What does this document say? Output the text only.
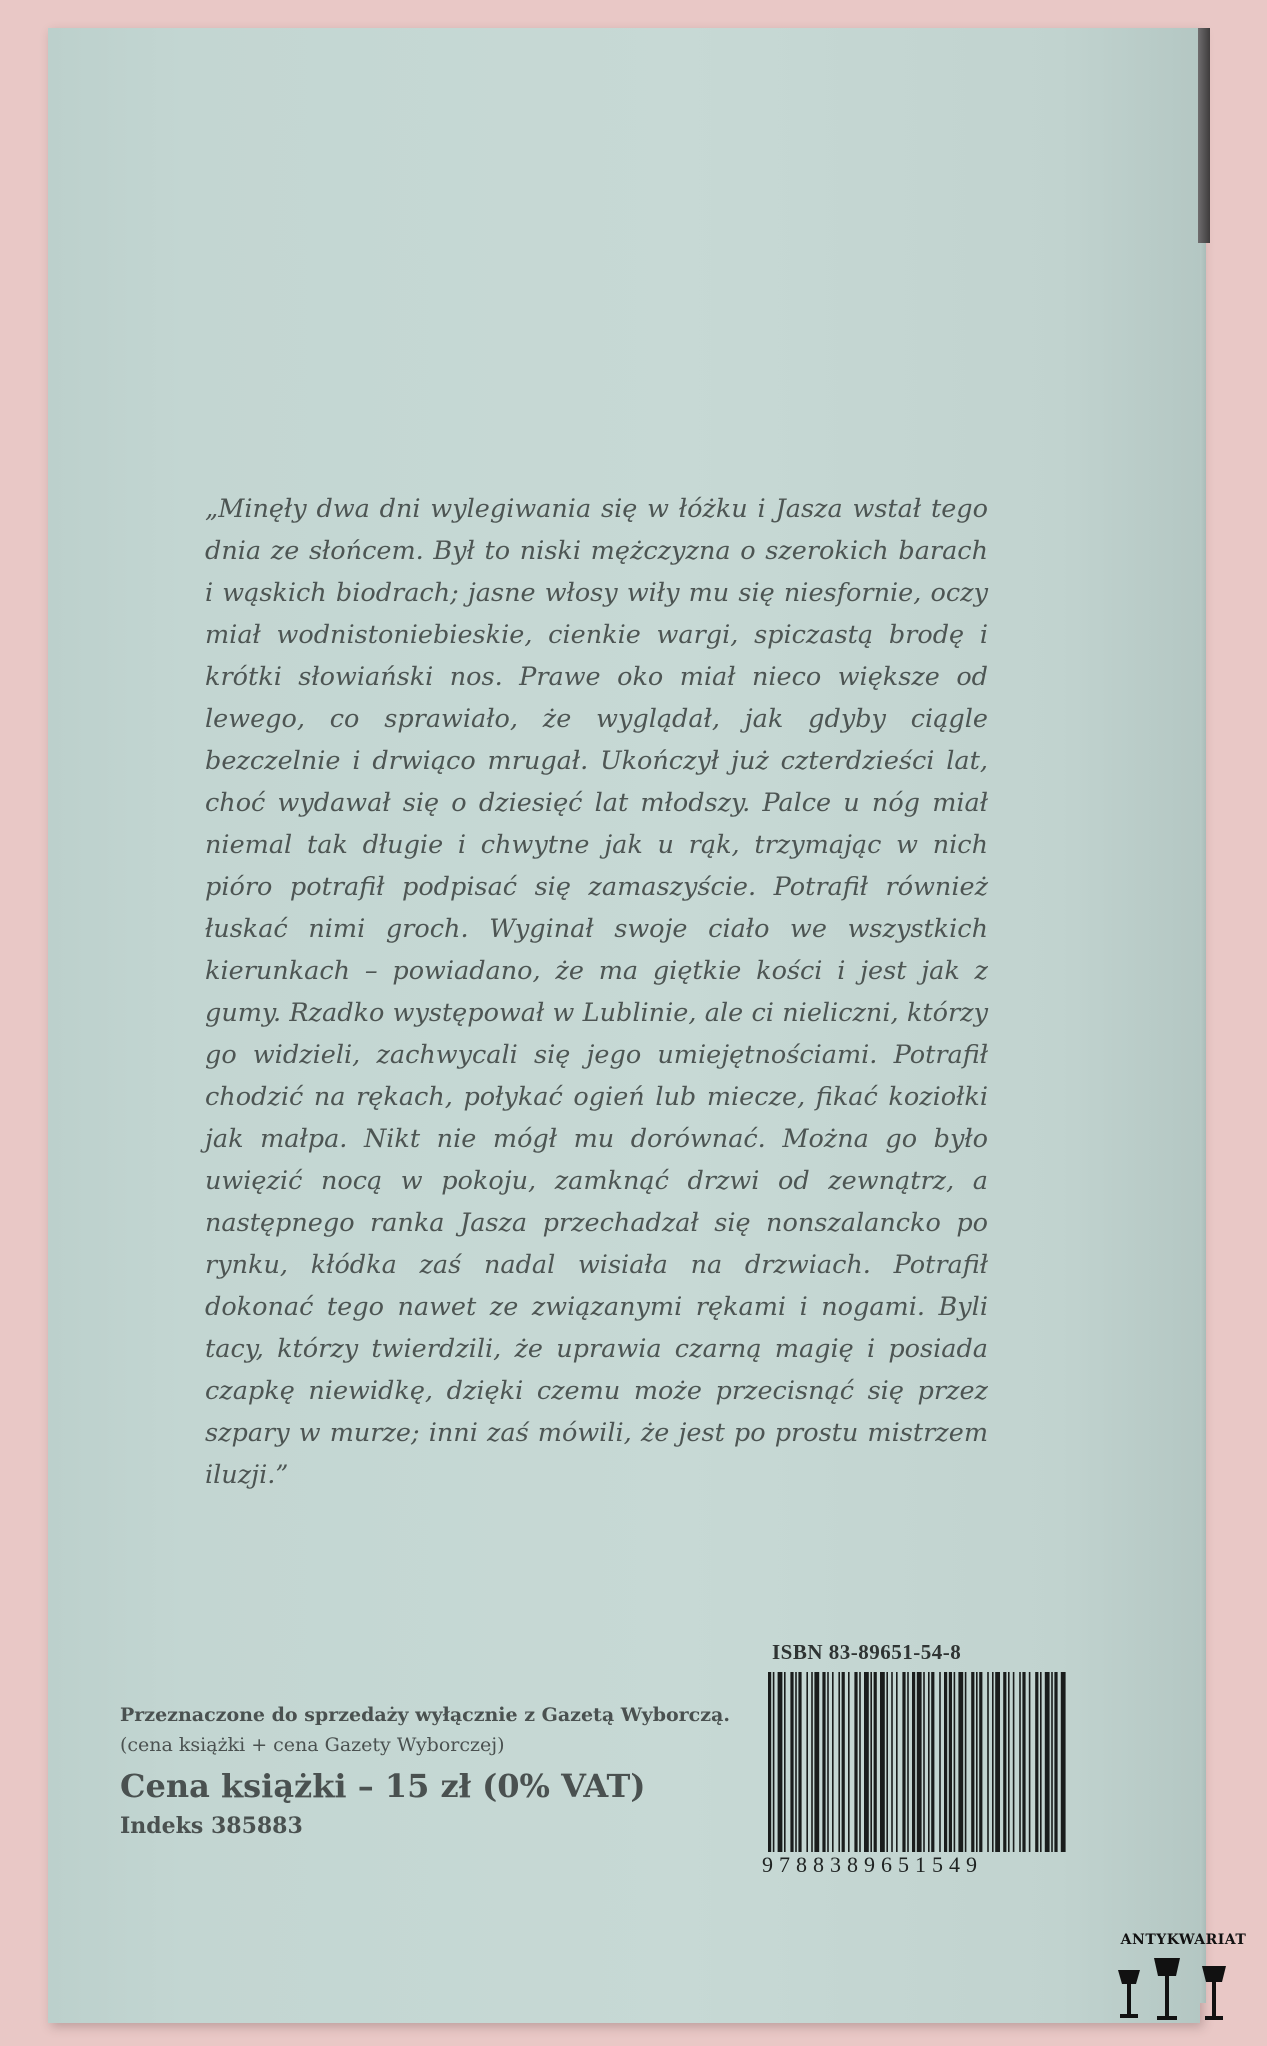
„Minęły dwa dni wylegiwania się w łóżku i Jasza wstał tego dnia ze słońcem. Był to niski mężczyzna o szerokich barach i wąskich biodrach; jasne włosy wiły mu się niesfornie, oczy miał wodnistoniebieskie, cienkie wargi, spiczastą brodę i krótki słowiański nos. Prawe oko miał nieco większe od lewego, co sprawiało, że wyglądał, jak gdyby ciągle bezczelnie i drwiąco mrugał. Ukończył już czterdzieści lat, choć wydawał się o dziesięć lat młodszy. Palce u nóg miał niemal tak długie i chwytne jak u rąk, trzymając w nich pióro potrafił podpisać się zamaszyście. Potrafił również łuskać nimi groch. Wyginał swoje ciało we wszystkich kierunkach – powiadano, że ma giętkie kości i jest jak z gumy. Rzadko występował w Lublinie, ale ci nieliczni, którzy go widzieli, zachwycali się jego umiejętnościami. Potrafił chodzić na rękach, połykać ogień lub miecze, fikać koziołki jak małpa. Nikt nie mógł mu dorównać. Można go było uwięzić nocą w pokoju, zamknąć drzwi od zewnątrz, a następnego ranka Jasza przechadzał się nonszalancko po rynku, kłódka zaś nadal wisiała na drzwiach. Potrafił dokonać tego nawet ze związanymi rękami i nogami. Byli tacy, którzy twierdzili, że uprawia czarną magię i posiada czapkę niewidkę, dzięki czemu może przecisnąć się przez szpary w murze; inni zaś mówili, że jest po prostu mistrzem iluzji.”

Przeznaczone do sprzedaży wyłącznie z Gazetą Wyborczą.
(cena książki + cena Gazety Wyborczej)
Cena książki – 15 zł (0% VAT)
Indeks 385883
ISBN 83-89651-54-8
9788389651549
ANTYKWARIAT
